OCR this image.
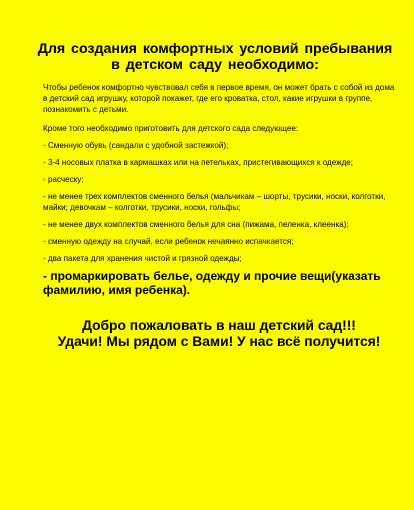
Для создания комфортных условий пребывания в детском саду необходимо:

Чтобы ребенок комфортно чувствовал себя в первое время, он может брать с собой из дома в детский сад игрушку, которой покажет, где его кроватка, стол, какие игрушки в группе, познакомить с детьми.

Кроме того необходимо приготовить для детского сада следующее:

- Сменную обувь (сандали с удобной застежкой);

- 3-4 носовых платка в кармашках или на петельках, пристегивающихся к одежде;

- расческу;

- не менее трех комплектов сменного белья (мальчикам – шорты, трусики, носки, колготки, майки; девочкам – колготки, трусики, носки, гольфы;

- не менее двух комплектов сменного белья для сна (пижама, пеленка, клеенка);

- сменную одежду на случай, если ребенок нечаянно испачкается;

- два пакета для хранения чистой и грязной одежды;

- промаркировать белье, одежду и прочие вещи(указать фамилию, имя ребенка).

Добро пожаловать в наш детский сад!!!

Удачи! Мы рядом с Вами! У нас всё получится!
